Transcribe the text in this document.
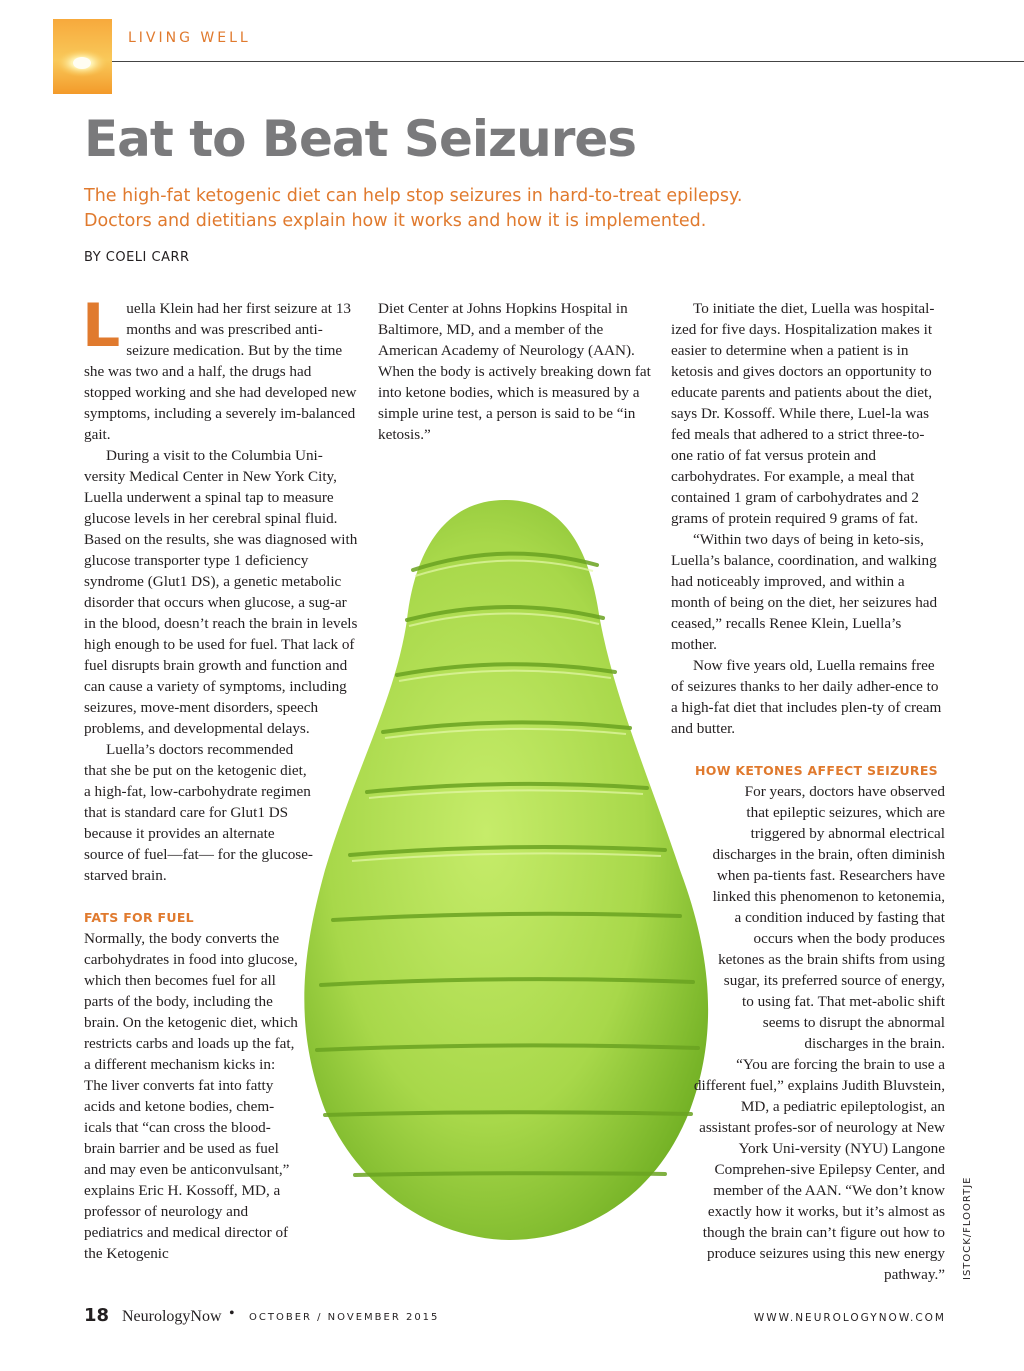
LIVING WELL
Eat to Beat Seizures

The high-fat ketogenic diet can help stop seizures in hard-to-treat epilepsy. Doctors and dietitians explain how it works and how it is implemented.

BY COELI CARR

Luella Klein had her first seizure at 13 months and was prescribed anti-seizure medication. But by the time she was two and a half, the drugs had stopped working and she had developed new symptoms, including a severely im-balanced gait.

During a visit to the Columbia Uni-versity Medical Center in New York City, Luella underwent a spinal tap to measure glucose levels in her cerebral spinal fluid. Based on the results, she was diagnosed with glucose transporter type 1 deficiency syndrome (Glut1 DS), a genetic metabolic disorder that occurs when glucose, a sug-ar in the blood, doesn’t reach the brain in levels high enough to be used for fuel. That lack of fuel disrupts brain growth and function and can cause a variety of symptoms, including seizures, move-ment disorders, speech problems, and developmental delays.

Luella’s doctors recommended that she be put on the ketogenic diet, a high-fat, low-carbohydrate regimen that is standard care for Glut1 DS because it provides an alternate source of fuel—fat— for the glucose-starved brain.

FATS FOR FUEL

Normally, the body converts the carbohydrates in food into glucose, which then becomes fuel for all parts of the body, including the brain. On the ketogenic diet, which restricts carbs and loads up the fat, a different mechanism kicks in: The liver converts fat into fatty acids and ketone bodies, chem-icals that “can cross the blood-brain barrier and be used as fuel and may even be anticonvulsant,” explains Eric H. Kossoff, MD, a professor of neurology and pediatrics and medical director of the Ketogenic

Diet Center at Johns Hopkins Hospital in Baltimore, MD, and a member of the American Academy of Neurology (AAN). When the body is actively breaking down fat into ketone bodies, which is measured by a simple urine test, a person is said to be “in ketosis.”

To initiate the diet, Luella was hospital-ized for five days. Hospitalization makes it easier to determine when a patient is in ketosis and gives doctors an opportunity to educate parents and patients about the diet, says Dr. Kossoff. While there, Luel-la was fed meals that adhered to a strict three-to-one ratio of fat versus protein and carbohydrates. For example, a meal that contained 1 gram of carbohydrates and 2 grams of protein required 9 grams of fat.

“Within two days of being in keto-sis, Luella’s balance, coordination, and walking had noticeably improved, and within a month of being on the diet, her seizures had ceased,” recalls Renee Klein, Luella’s mother.

Now five years old, Luella remains free of seizures thanks to her daily adher-ence to a high-fat diet that includes plen-ty of cream and butter.

HOW KETONES AFFECT SEIZURES

For years, doctors have observed that epileptic seizures, which are triggered by abnormal electrical discharges in the brain, often diminish when pa-tients fast. Researchers have linked this phenomenon to ketonemia, a condition induced by fasting that occurs when the body produces ketones as the brain shifts from using sugar, its preferred source of energy, to using fat. That met-abolic shift seems to disrupt the abnormal discharges in the brain.

“You are forcing the brain to use a different fuel,” explains Judith Bluvstein, MD, a pediatric epileptologist, an assistant profes-sor of neurology at New York Uni-versity (NYU) Langone Comprehen-sive Epilepsy Center, and member of the AAN. “We don’t know exactly how it works, but it’s almost as though the brain can’t figure out how to produce seizures using this new energy pathway.” ISTOCK/FLOORTJE
18 NeurologyNow • OCTOBER / NOVEMBER 2015	WWW.NEUROLOGYNOW.COM
